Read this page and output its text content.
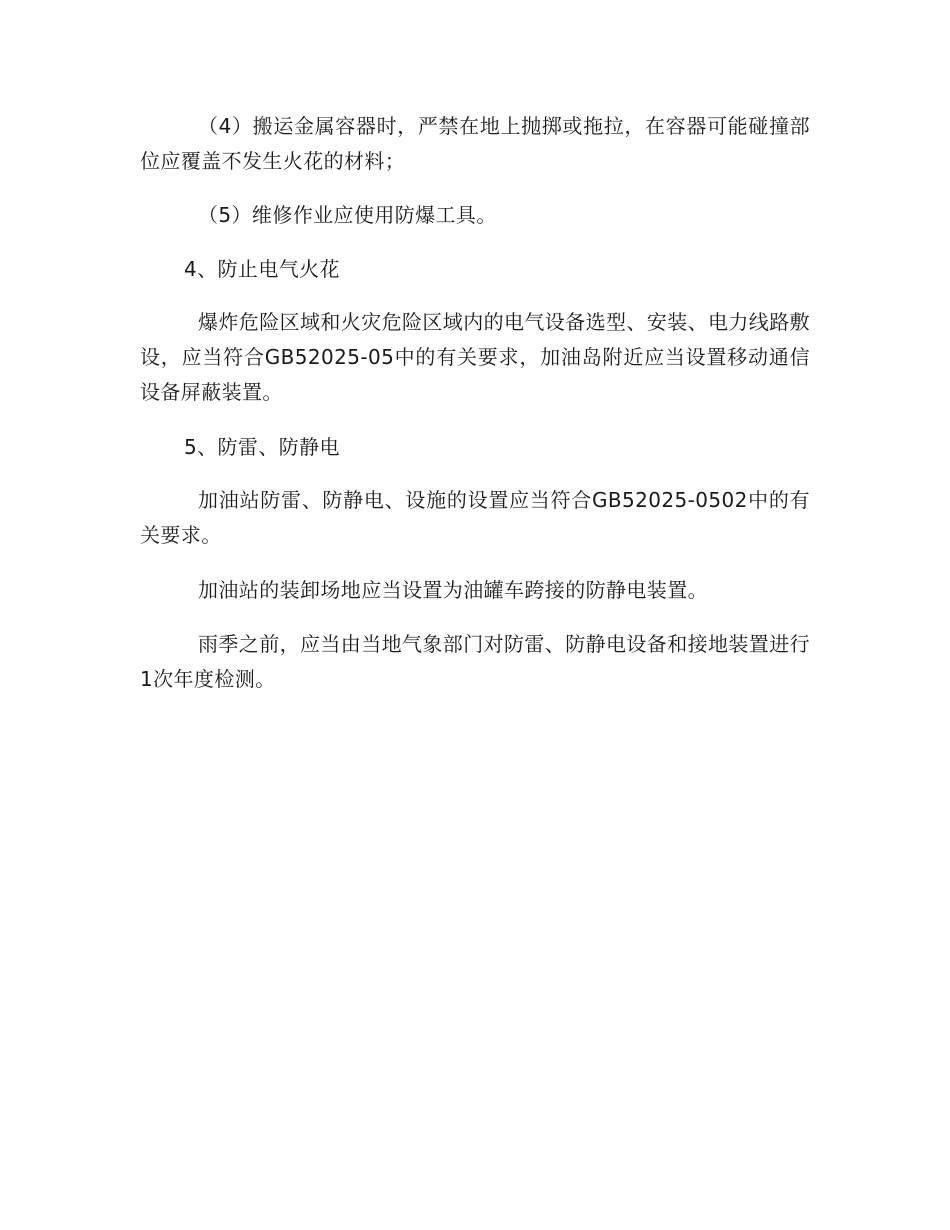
（4）搬运金属容器时，严禁在地上抛掷或拖拉，在容器可能碰撞部位应覆盖不发生火花的材料；

（5）维修作业应使用防爆工具。

4、防止电气火花

爆炸危险区域和火灾危险区域内的电气设备选型、安装、电力线路敷设，应当符合GB52025-05中的有关要求，加油岛附近应当设置移动通信设备屏蔽装置。

5、防雷、防静电

加油站防雷、防静电、设施的设置应当符合GB52025-0502中的有关要求。

加油站的装卸场地应当设置为油罐车跨接的防静电装置。

雨季之前，应当由当地气象部门对防雷、防静电设备和接地装置进行1次年度检测。
